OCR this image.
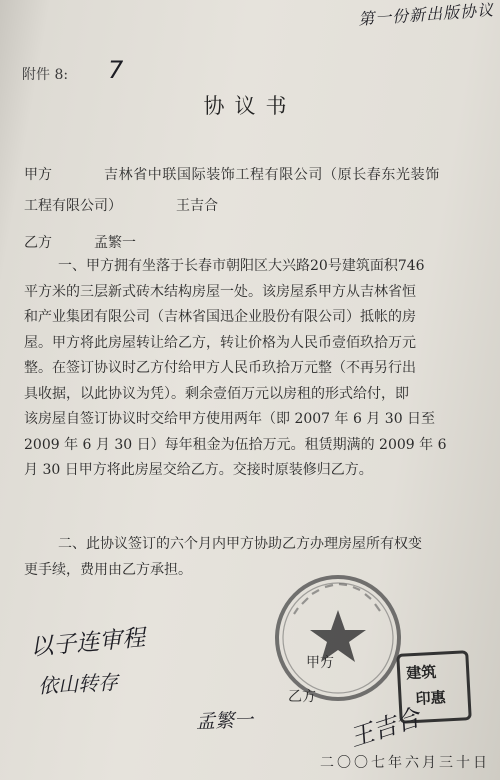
第一份新出版协议
附件 8: 7
协议书
甲方	吉林省中联国际装饰工程有限公司（原长春东光装饰
工程有限公司）	王吉合
乙方	孟繁一
一、甲方拥有坐落于长春市朝阳区大兴路20号建筑面积746
平方米的三层新式砖木结构房屋一处。该房屋系甲方从吉林省恒
和产业集团有限公司（吉林省国迅企业股份有限公司）抵帐的房
屋。甲方将此房屋转让给乙方，转让价格为人民币壹佰玖拾万元
整。在签订协议时乙方付给甲方人民币玖拾万元整（不再另行出
具收据，以此协议为凭）。剩余壹佰万元以房租的形式给付，即
该房屋自签订协议时交给甲方使用两年（即 2007 年 6 月 30 日至
2009 年 6 月 30 日）每年租金为伍拾万元。租赁期满的 2009 年 6
月 30 日甲方将此房屋交给乙方。交接时原装修归乙方。
二、此协议签订的六个月内甲方协助乙方办理房屋所有权变
更手续，费用由乙方承担。
甲方
乙方
建筑
印惠
以子连审程
依山转存
孟繁一	王吉合
二〇〇七年六月三十日
